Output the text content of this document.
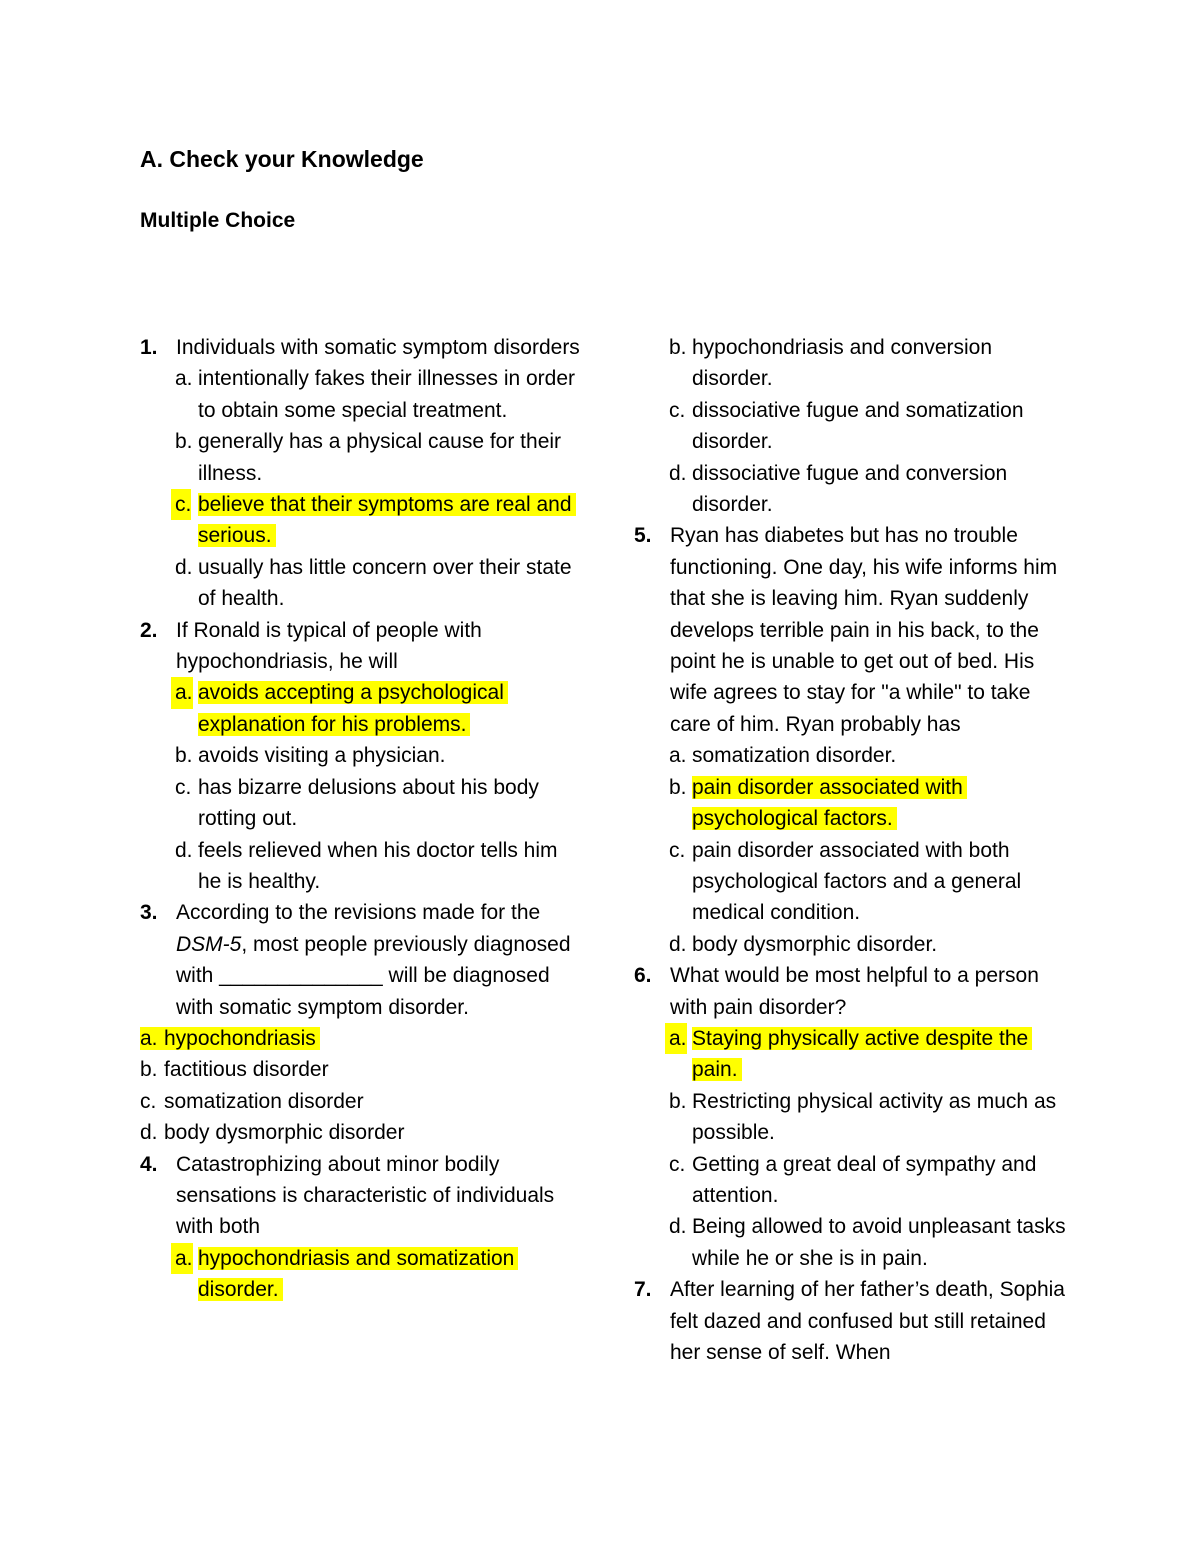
A. Check your Knowledge
Multiple Choice
1. Individuals with somatic symptom disorders
a. intentionally fakes their illnesses in order to obtain some special treatment.
b. generally has a physical cause for their illness.
c. believe that their symptoms are real and serious.
d. usually has little concern over their state of health.
2. If Ronald is typical of people with hypochondriasis, he will
a. avoids accepting a psychological explanation for his problems.
b. avoids visiting a physician.
c. has bizarre delusions about his body rotting out.
d. feels relieved when his doctor tells him he is healthy.
3. According to the revisions made for the DSM-5, most people previously diagnosed with ______________ will be diagnosed with somatic symptom disorder.
a. hypochondriasis
b. factitious disorder
c. somatization disorder
d. body dysmorphic disorder
4. Catastrophizing about minor bodily sensations is characteristic of individuals with both
a. hypochondriasis and somatization disorder.
b. hypochondriasis and conversion disorder.
c. dissociative fugue and somatization disorder.
d. dissociative fugue and conversion disorder.
5. Ryan has diabetes but has no trouble functioning. One day, his wife informs him that she is leaving him. Ryan suddenly develops terrible pain in his back, to the point he is unable to get out of bed. His wife agrees to stay for "a while" to take care of him. Ryan probably has
a. somatization disorder.
b. pain disorder associated with psychological factors.
c. pain disorder associated with both psychological factors and a general medical condition.
d. body dysmorphic disorder.
6. What would be most helpful to a person with pain disorder?
a. Staying physically active despite the pain.
b. Restricting physical activity as much as possible.
c. Getting a great deal of sympathy and attention.
d. Being allowed to avoid unpleasant tasks while he or she is in pain.
7. After learning of her father’s death, Sophia felt dazed and confused but still retained her sense of self. When
